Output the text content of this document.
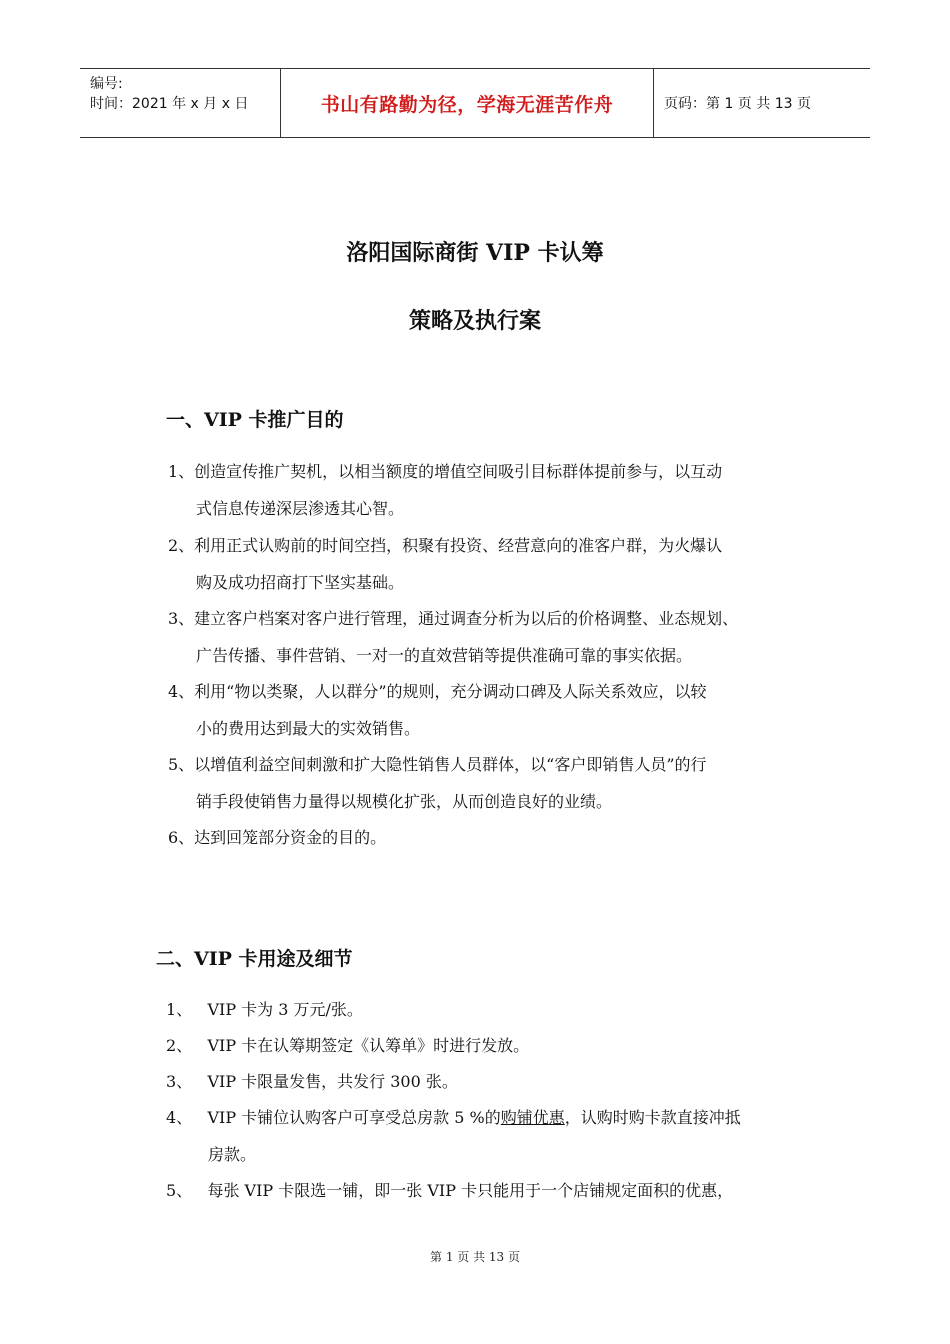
编号:
时间：2021 年 x 月 x 日	书山有路勤为径，学海无涯苦作舟	页码：第 1 页 共 13 页
洛阳国际商街 VIP 卡认筹
策略及执行案
一、VIP 卡推广目的
1、创造宣传推广契机，以相当额度的增值空间吸引目标群体提前参与，以互动
式信息传递深层渗透其心智。
2、利用正式认购前的时间空挡，积聚有投资、经营意向的准客户群，为火爆认
购及成功招商打下坚实基础。
3、建立客户档案对客户进行管理，通过调查分析为以后的价格调整、业态规划、
广告传播、事件营销、一对一的直效营销等提供准确可靠的事实依据。
4、利用“物以类聚，人以群分”的规则，充分调动口碑及人际关系效应，以较
小的费用达到最大的实效销售。
5、以增值利益空间刺激和扩大隐性销售人员群体，以“客户即销售人员”的行
销手段使销售力量得以规模化扩张，从而创造良好的业绩。
6、达到回笼部分资金的目的。
二、VIP 卡用途及细节
1、   VIP 卡为 3 万元/张。
2、   VIP 卡在认筹期签定《认筹单》时进行发放。
3、   VIP 卡限量发售，共发行 300 张。
4、   VIP 卡铺位认购客户可享受总房款 5 %的购铺优惠，认购时购卡款直接冲抵
房款。
5、   每张 VIP 卡限选一铺，即一张 VIP 卡只能用于一个店铺规定面积的优惠，
第 1 页 共 13 页
